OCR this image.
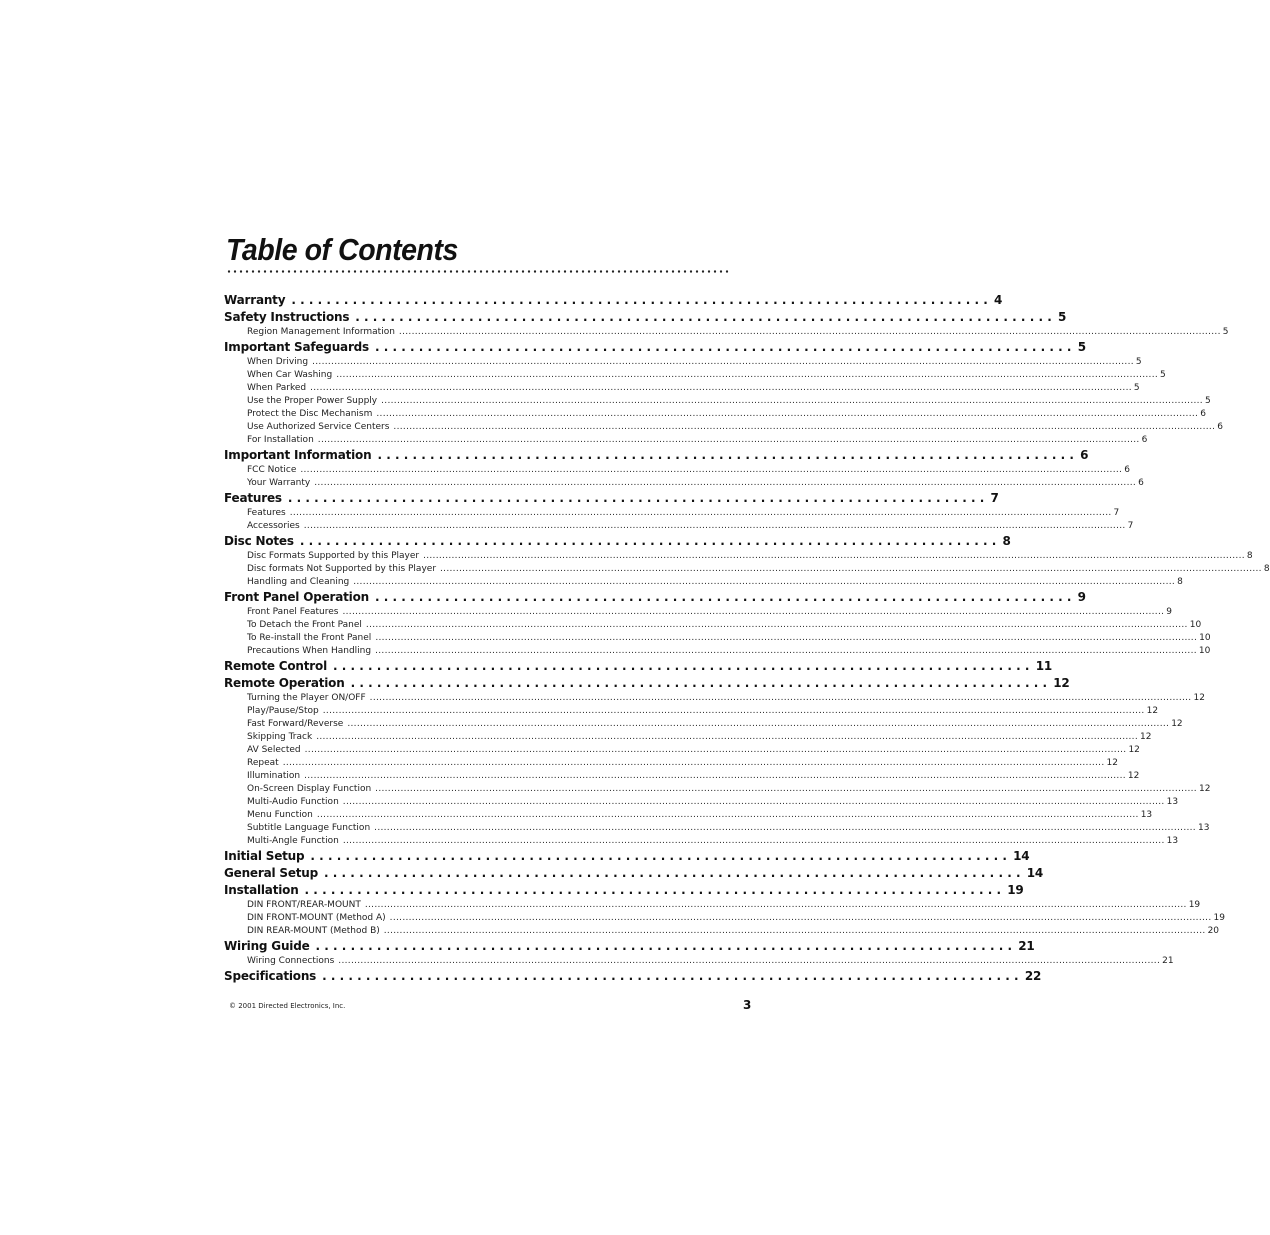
Table of Contents
Warranty ................................................................................ 4
Safety Instructions ................................................................................ 5
Region Management Information .................................................................................................................................................................................................................................................................... 5
Important Safeguards ................................................................................ 5
When Driving .................................................................................................................................................................................................................................................................... 5
When Car Washing .................................................................................................................................................................................................................................................................... 5
When Parked .................................................................................................................................................................................................................................................................... 5
Use the Proper Power Supply .................................................................................................................................................................................................................................................................... 5
Protect the Disc Mechanism .................................................................................................................................................................................................................................................................... 6
Use Authorized Service Centers .................................................................................................................................................................................................................................................................... 6
For Installation .................................................................................................................................................................................................................................................................... 6
Important Information ................................................................................ 6
FCC Notice .................................................................................................................................................................................................................................................................... 6
Your Warranty .................................................................................................................................................................................................................................................................... 6
Features ................................................................................ 7
Features .................................................................................................................................................................................................................................................................... 7
Accessories .................................................................................................................................................................................................................................................................... 7
Disc Notes ................................................................................ 8
Disc Formats Supported by this Player .................................................................................................................................................................................................................................................................... 8
Disc formats Not Supported by this Player .................................................................................................................................................................................................................................................................... 8
Handling and Cleaning .................................................................................................................................................................................................................................................................... 8
Front Panel Operation ................................................................................ 9
Front Panel Features .................................................................................................................................................................................................................................................................... 9
To Detach the Front Panel .................................................................................................................................................................................................................................................................... 10
To Re-install the Front Panel .................................................................................................................................................................................................................................................................... 10
Precautions When Handling .................................................................................................................................................................................................................................................................... 10
Remote Control ................................................................................ 11
Remote Operation ................................................................................ 12
Turning the Player ON/OFF .................................................................................................................................................................................................................................................................... 12
Play/Pause/Stop .................................................................................................................................................................................................................................................................... 12
Fast Forward/Reverse .................................................................................................................................................................................................................................................................... 12
Skipping Track .................................................................................................................................................................................................................................................................... 12
AV Selected .................................................................................................................................................................................................................................................................... 12
Repeat .................................................................................................................................................................................................................................................................... 12
Illumination .................................................................................................................................................................................................................................................................... 12
On-Screen Display Function .................................................................................................................................................................................................................................................................... 12
Multi-Audio Function .................................................................................................................................................................................................................................................................... 13
Menu Function .................................................................................................................................................................................................................................................................... 13
Subtitle Language Function .................................................................................................................................................................................................................................................................... 13
Multi-Angle Function .................................................................................................................................................................................................................................................................... 13
Initial Setup ................................................................................ 14
General Setup ................................................................................ 14
Installation ................................................................................ 19
DIN FRONT/REAR-MOUNT .................................................................................................................................................................................................................................................................... 19
DIN FRONT-MOUNT (Method A) .................................................................................................................................................................................................................................................................... 19
DIN REAR-MOUNT (Method B) .................................................................................................................................................................................................................................................................... 20
Wiring Guide ................................................................................ 21
Wiring Connections .................................................................................................................................................................................................................................................................... 21
Specifications ................................................................................ 22
© 2001 Directed Electronics, Inc.	3
